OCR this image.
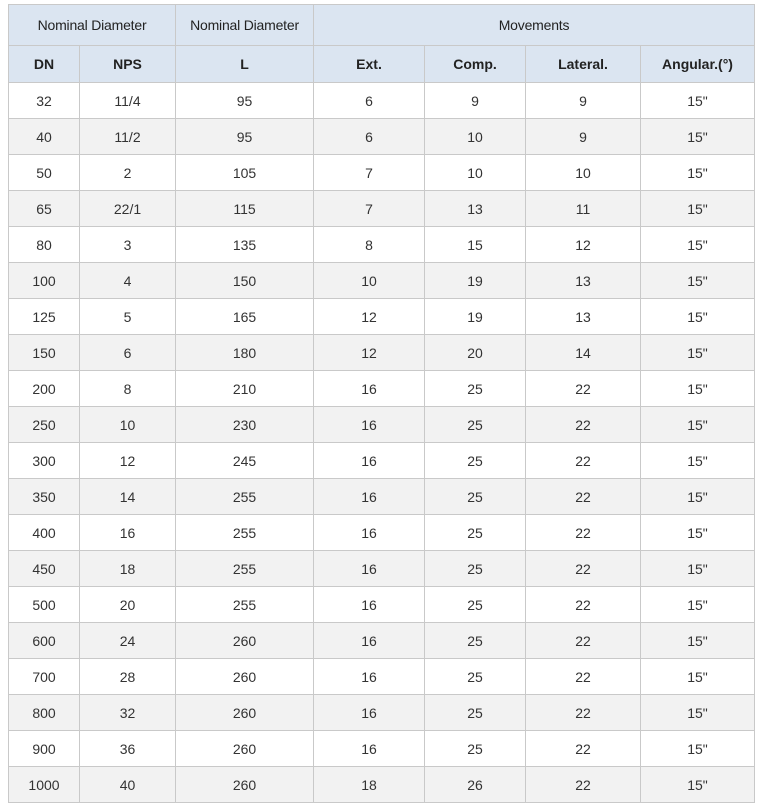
Nominal Diameter		Nominal Diameter	Movements			
DN	NPS	L	Ext.	Comp.	Lateral.	Angular.(°)
32	11/4	95	6	9	9	15"
40	11/2	95	6	10	9	15"
50	2	105	7	10	10	15"
65	22/1	115	7	13	11	15"
80	3	135	8	15	12	15"
100	4	150	10	19	13	15"
125	5	165	12	19	13	15"
150	6	180	12	20	14	15"
200	8	210	16	25	22	15"
250	10	230	16	25	22	15"
300	12	245	16	25	22	15"
350	14	255	16	25	22	15"
400	16	255	16	25	22	15"
450	18	255	16	25	22	15"
500	20	255	16	25	22	15"
600	24	260	16	25	22	15"
700	28	260	16	25	22	15"
800	32	260	16	25	22	15"
900	36	260	16	25	22	15"
1000	40	260	18	26	22	15"
